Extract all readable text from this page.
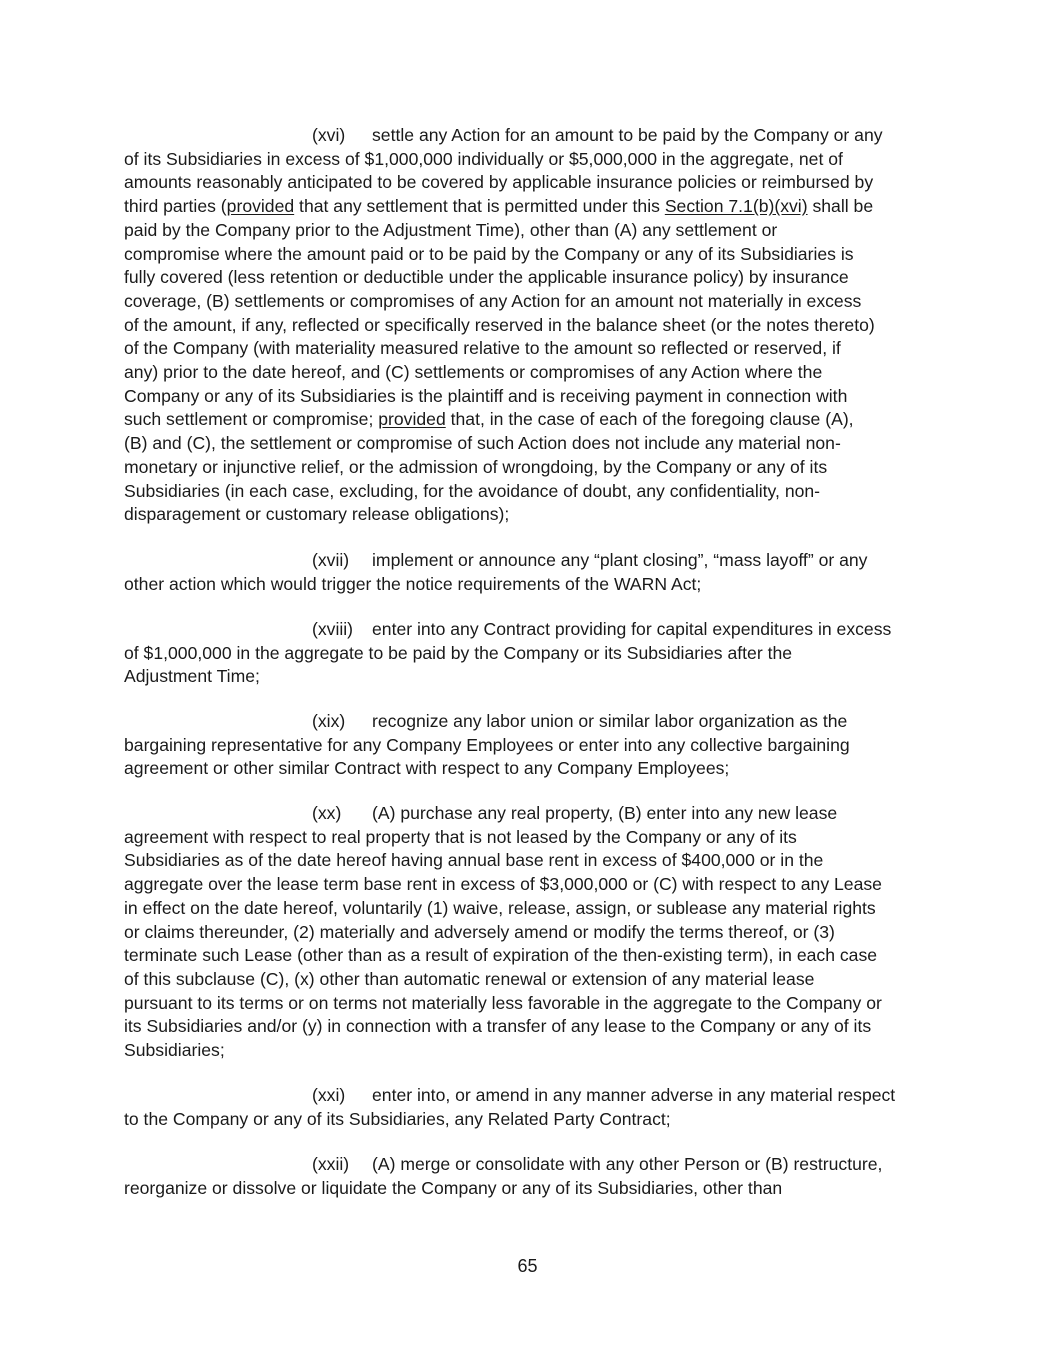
(xvi) settle any Action for an amount to be paid by the Company or any
of its Subsidiaries in excess of $1,000,000 individually or $5,000,000 in the aggregate, net of
amounts reasonably anticipated to be covered by applicable insurance policies or reimbursed by
third parties (provided that any settlement that is permitted under this Section 7.1(b)(xvi) shall be
paid by the Company prior to the Adjustment Time), other than (A) any settlement or
compromise where the amount paid or to be paid by the Company or any of its Subsidiaries is
fully covered (less retention or deductible under the applicable insurance policy) by insurance
coverage, (B) settlements or compromises of any Action for an amount not materially in excess
of the amount, if any, reflected or specifically reserved in the balance sheet (or the notes thereto)
of the Company (with materiality measured relative to the amount so reflected or reserved, if
any) prior to the date hereof, and (C) settlements or compromises of any Action where the
Company or any of its Subsidiaries is the plaintiff and is receiving payment in connection with
such settlement or compromise; provided that, in the case of each of the foregoing clause (A),
(B) and (C), the settlement or compromise of such Action does not include any material non-
monetary or injunctive relief, or the admission of wrongdoing, by the Company or any of its
Subsidiaries (in each case, excluding, for the avoidance of doubt, any confidentiality, non-
disparagement or customary release obligations);
(xvii) implement or announce any “plant closing”, “mass layoff” or any
other action which would trigger the notice requirements of the WARN Act;
(xviii) enter into any Contract providing for capital expenditures in excess
of $1,000,000 in the aggregate to be paid by the Company or its Subsidiaries after the
Adjustment Time;
(xix) recognize any labor union or similar labor organization as the
bargaining representative for any Company Employees or enter into any collective bargaining
agreement or other similar Contract with respect to any Company Employees;
(xx) (A) purchase any real property, (B) enter into any new lease
agreement with respect to real property that is not leased by the Company or any of its
Subsidiaries as of the date hereof having annual base rent in excess of $400,000 or in the
aggregate over the lease term base rent in excess of $3,000,000 or (C) with respect to any Lease
in effect on the date hereof, voluntarily (1) waive, release, assign, or sublease any material rights
or claims thereunder, (2) materially and adversely amend or modify the terms thereof, or (3)
terminate such Lease (other than as a result of expiration of the then-existing term), in each case
of this subclause (C), (x) other than automatic renewal or extension of any material lease
pursuant to its terms or on terms not materially less favorable in the aggregate to the Company or
its Subsidiaries and/or (y) in connection with a transfer of any lease to the Company or any of its
Subsidiaries;
(xxi) enter into, or amend in any manner adverse in any material respect
to the Company or any of its Subsidiaries, any Related Party Contract;
(xxii) (A) merge or consolidate with any other Person or (B) restructure,
reorganize or dissolve or liquidate the Company or any of its Subsidiaries, other than
65
